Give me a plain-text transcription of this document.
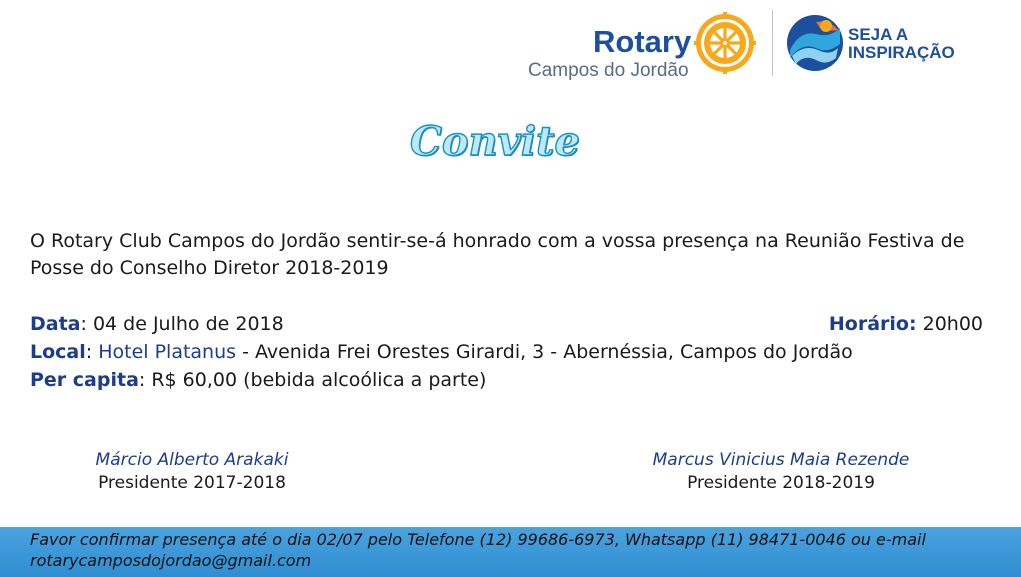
Rotary
Campos do Jordão
SEJA A
INSPIRAÇÃO
Convite

O Rotary Club Campos do Jordão sentir-se-á honrado com a vossa presença na Reunião Festiva de Posse do Conselho Diretor 2018-2019

Data: 04 de Julho de 2018	Horário: 20h00
Local: Hotel Platanus - Avenida Frei Orestes Girardi, 3 - Abernéssia, Campos do Jordão
Per capita: R$ 60,00 (bebida alcoólica a parte)
Márcio Alberto Arakaki
Presidente 2017-2018
Marcus Vinicius Maia Rezende
Presidente 2018-2019
Favor confirmar presença até o dia 02/07 pelo Telefone (12) 99686-6973, Whatsapp (11) 98471-0046 ou e-mail rotarycamposdojordao@gmail.com
